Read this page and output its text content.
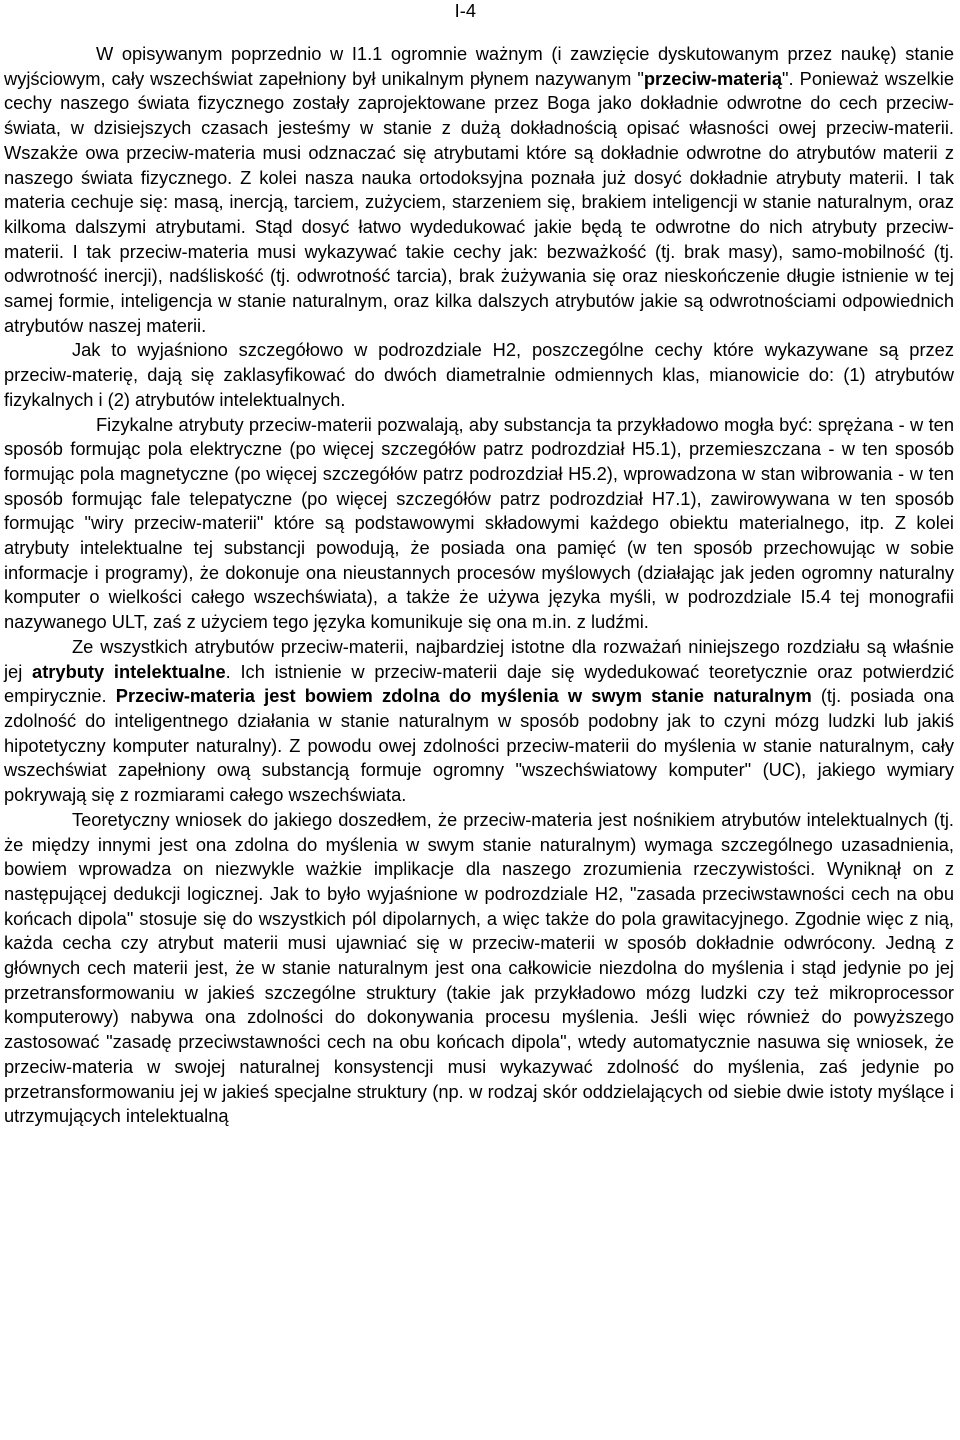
I-4

W opisywanym poprzednio w I1.1 ogromnie ważnym (i zawzięcie dyskutowanym przez naukę) stanie wyjściowym, cały wszechświat zapełniony był unikalnym płynem nazywanym "przeciw-materią". Ponieważ wszelkie cechy naszego świata fizycznego zostały zaprojektowane przez Boga jako dokładnie odwrotne do cech przeciw-świata, w dzisiejszych czasach jesteśmy w stanie z dużą dokładnością opisać własności owej przeciw-materii. Wszakże owa przeciw-materia musi odznaczać się atrybutami które są dokładnie odwrotne do atrybutów materii z naszego świata fizycznego. Z kolei nasza nauka ortodoksyjna poznała już dosyć dokładnie atrybuty materii. I tak materia cechuje się: masą, inercją, tarciem, zużyciem, starzeniem się, brakiem inteligencji w stanie naturalnym, oraz kilkoma dalszymi atrybutami. Stąd dosyć łatwo wydedukować jakie będą te odwrotne do nich atrybuty przeciw-materii. I tak przeciw-materia musi wykazywać takie cechy jak: bezważkość (tj. brak masy), samo-mobilność (tj. odwrotność inercji), nadśliskość (tj. odwrotność tarcia), brak żużywania się oraz nieskończenie długie istnienie w tej samej formie, inteligencja w stanie naturalnym, oraz kilka dalszych atrybutów jakie są odwrotnościami odpowiednich atrybutów naszej materii.

Jak to wyjaśniono szczegółowo w podrozdziale H2, poszczególne cechy które wykazywane są przez przeciw-materię, dają się zaklasyfikować do dwóch diametralnie odmiennych klas, mianowicie do: (1) atrybutów fizykalnych i (2) atrybutów intelektualnych.

Fizykalne atrybuty przeciw-materii pozwalają, aby substancja ta przykładowo mogła być: sprężana - w ten sposób formując pola elektryczne (po więcej szczegółów patrz podrozdział H5.1), przemieszczana - w ten sposób formując pola magnetyczne (po więcej szczegółów patrz podrozdział H5.2), wprowadzona w stan wibrowania - w ten sposób formując fale telepatyczne (po więcej szczegółów patrz podrozdział H7.1), zawirowywana w ten sposób formując "wiry przeciw-materii" które są podstawowymi składowymi każdego obiektu materialnego, itp. Z kolei atrybuty intelektualne tej substancji powodują, że posiada ona pamięć (w ten sposób przechowując w sobie informacje i programy), że dokonuje ona nieustannych procesów myślowych (działając jak jeden ogromny naturalny komputer o wielkości całego wszechświata), a także że używa języka myśli, w podrozdziale I5.4 tej monografii nazywanego ULT, zaś z użyciem tego języka komunikuje się ona m.in. z ludźmi.

Ze wszystkich atrybutów przeciw-materii, najbardziej istotne dla rozważań niniejszego rozdziału są właśnie jej atrybuty intelektualne. Ich istnienie w przeciw-materii daje się wydedukować teoretycznie oraz potwierdzić empirycznie. Przeciw-materia jest bowiem zdolna do myślenia w swym stanie naturalnym (tj. posiada ona zdolność do inteligentnego działania w stanie naturalnym w sposób podobny jak to czyni mózg ludzki lub jakiś hipotetyczny komputer naturalny). Z powodu owej zdolności przeciw-materii do myślenia w stanie naturalnym, cały wszechświat zapełniony ową substancją formuje ogromny "wszechświatowy komputer" (UC), jakiego wymiary pokrywają się z rozmiarami całego wszechświata.

Teoretyczny wniosek do jakiego doszedłem, że przeciw-materia jest nośnikiem atrybutów intelektualnych (tj. że między innymi jest ona zdolna do myślenia w swym stanie naturalnym) wymaga szczególnego uzasadnienia, bowiem wprowadza on niezwykle ważkie implikacje dla naszego zrozumienia rzeczywistości. Wyniknął on z następującej dedukcji logicznej. Jak to było wyjaśnione w podrozdziale H2, "zasada przeciwstawności cech na obu końcach dipola" stosuje się do wszystkich pól dipolarnych, a więc także do pola grawitacyjnego. Zgodnie więc z nią, każda cecha czy atrybut materii musi ujawniać się w przeciw-materii w sposób dokładnie odwrócony. Jedną z głównych cech materii jest, że w stanie naturalnym jest ona całkowicie niezdolna do myślenia i stąd jedynie po jej przetransformowaniu w jakieś szczególne struktury (takie jak przykładowo mózg ludzki czy też mikroprocessor komputerowy) nabywa ona zdolności do dokonywania procesu myślenia. Jeśli więc również do powyższego zastosować "zasadę przeciwstawności cech na obu końcach dipola", wtedy automatycznie nasuwa się wniosek, że przeciw-materia w swojej naturalnej konsystencji musi wykazywać zdolność do myślenia, zaś jedynie po przetransformowaniu jej w jakieś specjalne struktury (np. w rodzaj skór oddzielających od siebie dwie istoty myślące i utrzymujących intelektualną
